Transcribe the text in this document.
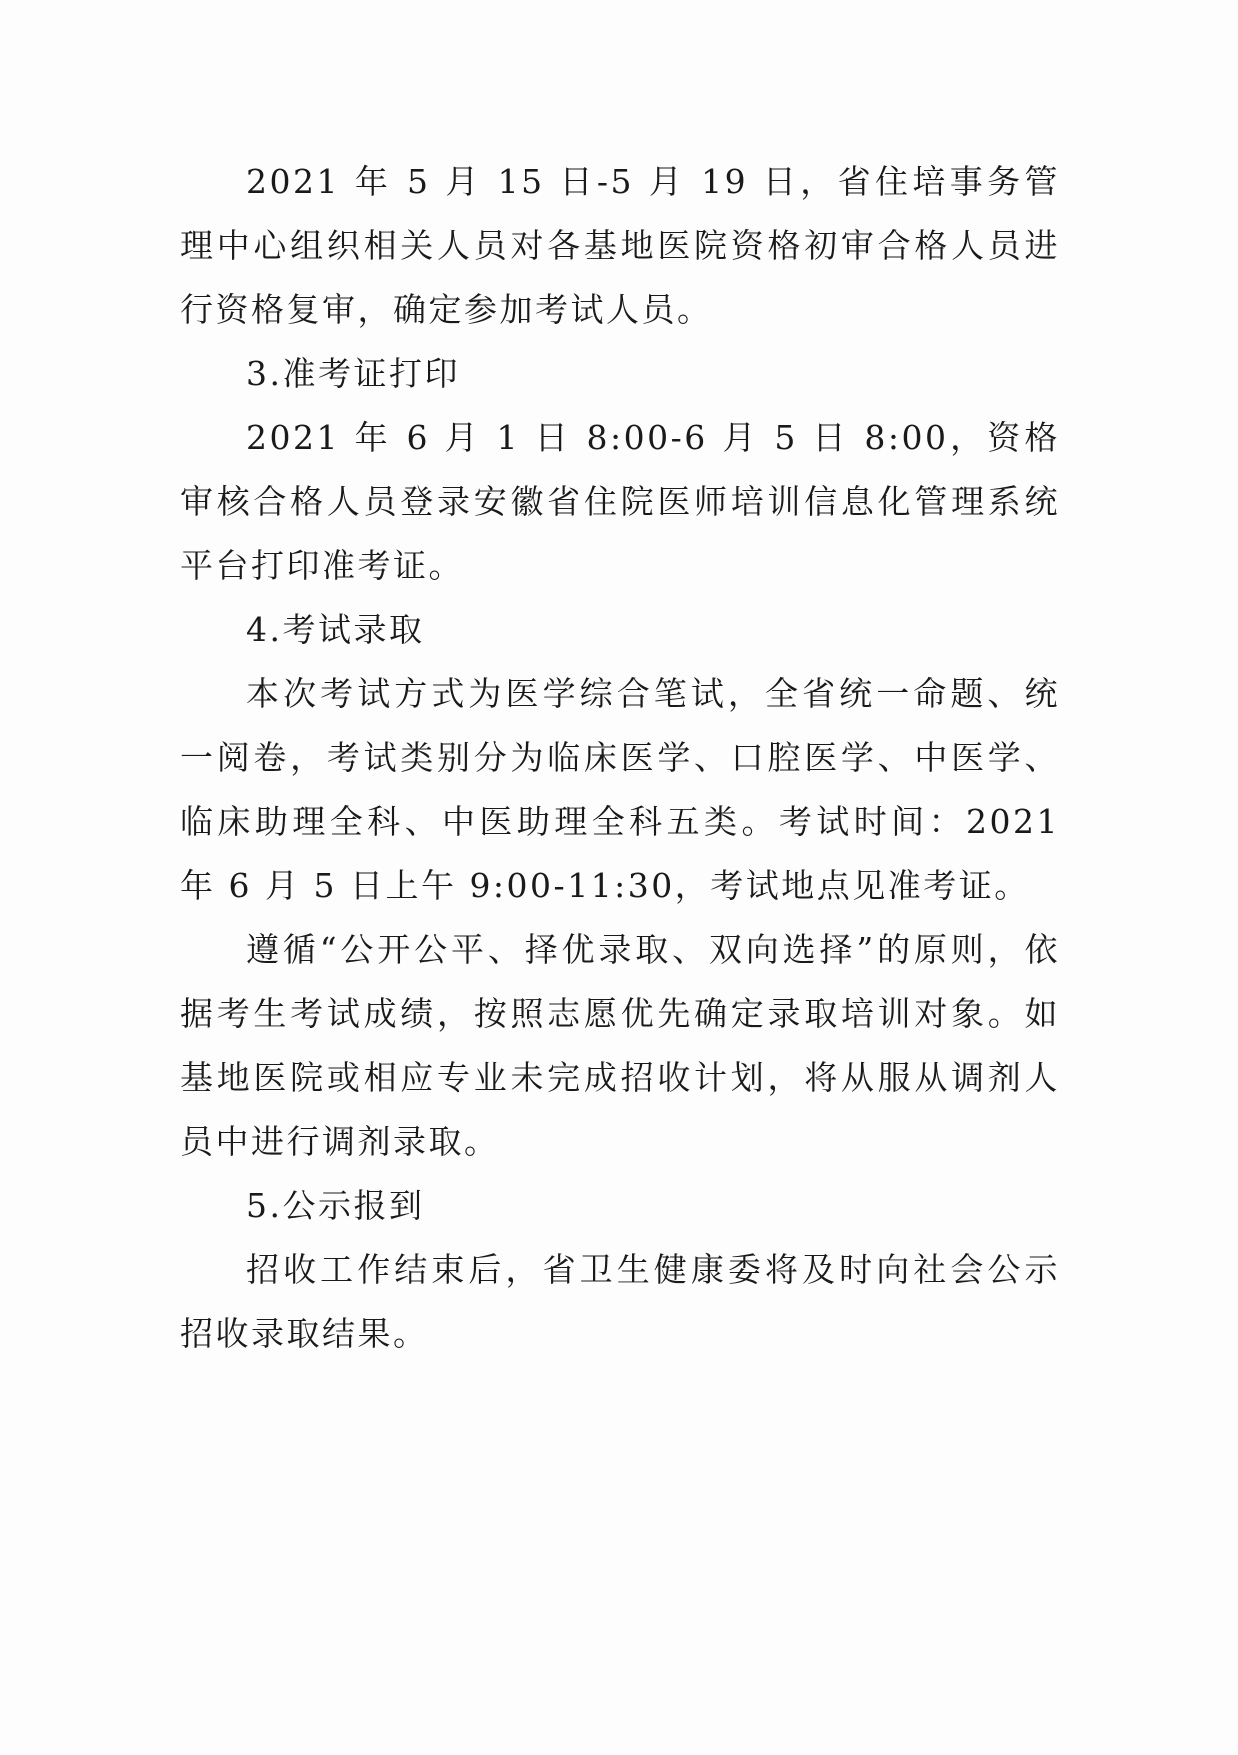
2021 年 5 月 15 日-5 月 19 日，省住培事务管理中心组织相关人员对各基地医院资格初审合格人员进行资格复审，确定参加考试人员。

3.准考证打印

2021 年 6 月 1 日 8:00-6 月 5 日 8:00，资格审核合格人员登录安徽省住院医师培训信息化管理系统平台打印准考证。

4.考试录取

本次考试方式为医学综合笔试，全省统一命题、统一阅卷，考试类别分为临床医学、口腔医学、中医学、临床助理全科、中医助理全科五类。考试时间：2021 年 6 月 5 日上午 9:00-11:30，考试地点见准考证。

遵循“公开公平、择优录取、双向选择”的原则，依据考生考试成绩，按照志愿优先确定录取培训对象。如基地医院或相应专业未完成招收计划，将从服从调剂人员中进行调剂录取。

5.公示报到

招收工作结束后，省卫生健康委将及时向社会公示招收录取结果。
